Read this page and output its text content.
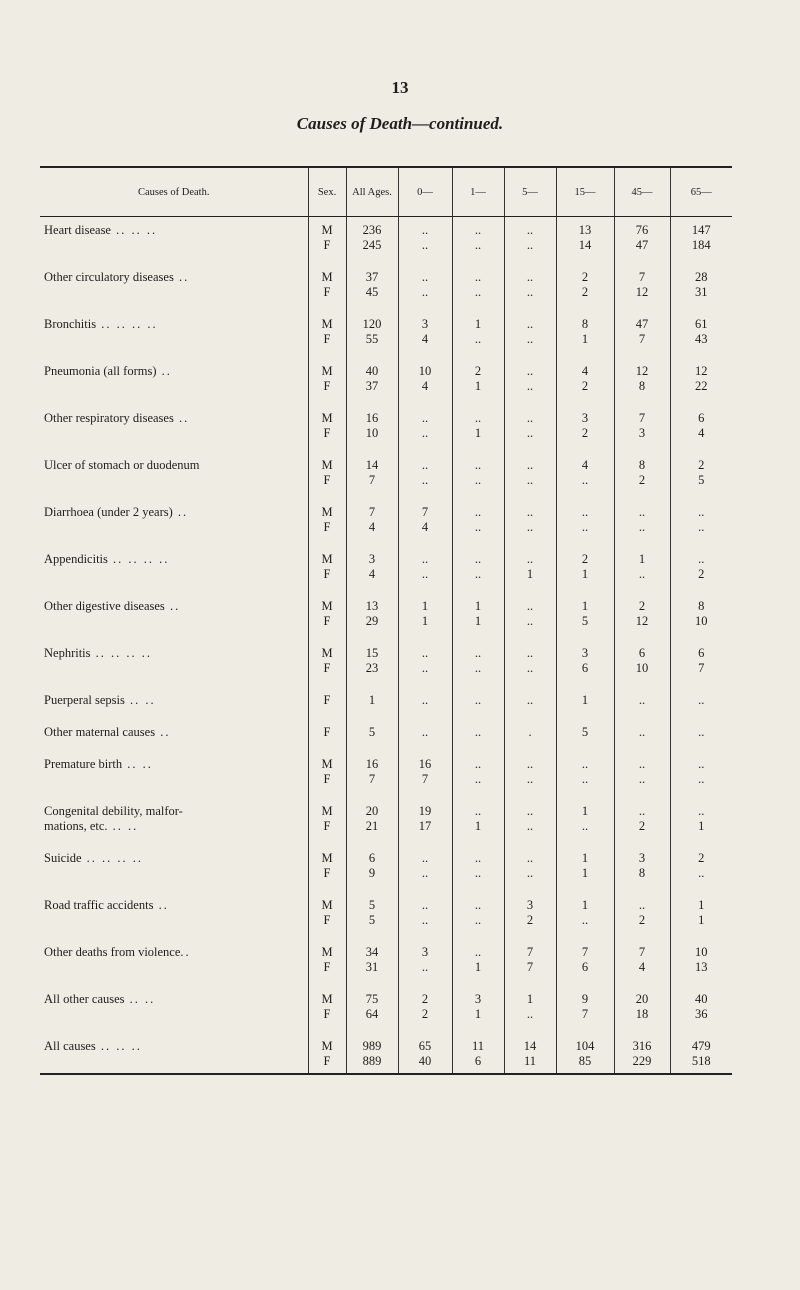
13
Causes of Death—continued.
Causes of Death.	Sex.	All Ages.	0—	1—	5—	15—	45—	65—

Heart disease .. .. ..	M	236	..	..	..	13	76	147
	F	245	..	..	..	14	47	184

Other circulatory diseases ..	M	37	..	..	..	2	7	28
	F	45	..	..	..	2	12	31

Bronchitis .. .. .. ..	M	120	3	1	..	8	47	61
	F	55	4	..	..	1	7	43

Pneumonia (all forms) ..	M	40	10	2	..	4	12	12
	F	37	4	1	..	2	8	22

Other respiratory diseases ..	M	16	..	..	..	3	7	6
	F	10	..	1	..	2	3	4

Ulcer of stomach or duodenum	M	14	..	..	..	4	8	2
	F	7	..	..	..	..	2	5

Diarrhoea (under 2 years) ..	M	7	7	..	..	..	..	..
	F	4	4	..	..	..	..	..

Appendicitis .. .. .. ..	M	3	..	..	..	2	1	..
	F	4	..	..	1	1	..	2

Other digestive diseases ..	M	13	1	1	..	1	2	8
	F	29	1	1	..	5	12	10

Nephritis .. .. .. ..	M	15	..	..	..	3	6	6
	F	23	..	..	..	6	10	7

Puerperal sepsis .. ..	F	1	..	..	..	1	..	..

Other maternal causes ..	F	5	..	..	.	5	..	..

Premature birth .. ..	M	16	16	..	..	..	..	..
	F	7	7	..	..	..	..	..

Congenital debility, malfor-	M	20	19	..	..	1	..	..
mations, etc. .. ..	F	21	17	1	..	..	2	1

Suicide .. .. .. ..	M	6	..	..	..	1	3	2
	F	9	..	..	..	1	8	..

Road traffic accidents ..	M	5	..	..	3	1	..	1
	F	5	..	..	2	..	2	1

Other deaths from violence..	M	34	3	..	7	7	7	10
	F	31	..	1	7	6	4	13

All other causes .. ..	M	75	2	3	1	9	20	40
	F	64	2	1	..	7	18	36

All causes .. .. ..	M	989	65	11	14	104	316	479
	F	889	40	6	11	85	229	518
